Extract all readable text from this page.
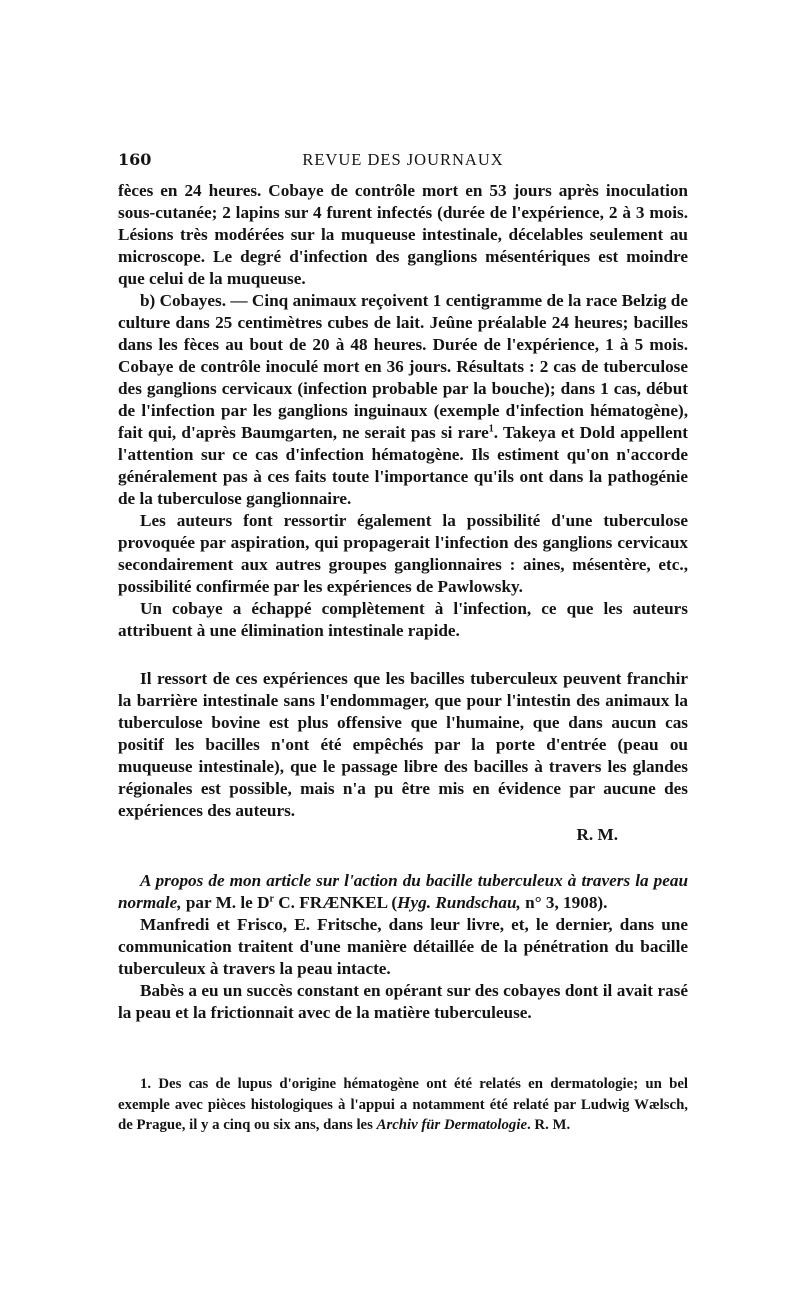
160	REVUE DES JOURNAUX

fèces en 24 heures. Cobaye de contrôle mort en 53 jours après inoculation sous-cutanée; 2 lapins sur 4 furent infectés (durée de l'expérience, 2 à 3 mois. Lésions très modérées sur la muqueuse intestinale, décelables seulement au microscope. Le degré d'infection des ganglions mésentériques est moindre que celui de la muqueuse.

b) Cobayes. — Cinq animaux reçoivent 1 centigramme de la race Belzig de culture dans 25 centimètres cubes de lait. Jeûne préalable 24 heures; bacilles dans les fèces au bout de 20 à 48 heures. Durée de l'expérience, 1 à 5 mois. Cobaye de contrôle inoculé mort en 36 jours. Résultats : 2 cas de tuberculose des ganglions cervicaux (infection probable par la bouche); dans 1 cas, début de l'infection par les ganglions inguinaux (exemple d'infection hématogène), fait qui, d'après Baumgarten, ne serait pas si rare$^1$. Takeya et Dold appellent l'attention sur ce cas d'infection hématogène. Ils estiment qu'on n'accorde généralement pas à ces faits toute l'importance qu'ils ont dans la pathogénie de la tuberculose ganglionnaire.

Les auteurs font ressortir également la possibilité d'une tuberculose provoquée par aspiration, qui propagerait l'infection des ganglions cervicaux secondairement aux autres groupes ganglionnaires : aines, mésentère, etc., possibilité confirmée par les expériences de Pawlowsky.

Un cobaye a échappé complètement à l'infection, ce que les auteurs attribuent à une élimination intestinale rapide.

Il ressort de ces expériences que les bacilles tuberculeux peuvent franchir la barrière intestinale sans l'endommager, que pour l'intestin des animaux la tuberculose bovine est plus offensive que l'humaine, que dans aucun cas positif les bacilles n'ont été empêchés par la porte d'entrée (peau ou muqueuse intestinale), que le passage libre des bacilles à travers les glandes régionales est possible, mais n'a pu être mis en évidence par aucune des expériences des auteurs.

R. M.

A propos de mon article sur l'action du bacille tuberculeux à travers la peau normale, par M. le $D^r$ C. FRÆNKEL (Hyg. Rundschau, n° 3, 1908).

Manfredi et Frisco, E. Fritsche, dans leur livre, et, le dernier, dans une communication traitent d'une manière détaillée de la pénétration du bacille tuberculeux à travers la peau intacte.

Babès a eu un succès constant en opérant sur des cobayes dont il avait rasé la peau et la frictionnait avec de la matière tuberculeuse.

1. Des cas de lupus d'origine hématogène ont été relatés en dermatologie; un bel exemple avec pièces histologiques à l'appui a notamment été relaté par Ludwig Wælsch, de Prague, il y a cinq ou six ans, dans les Archiv für Dermatologie. R. M.
